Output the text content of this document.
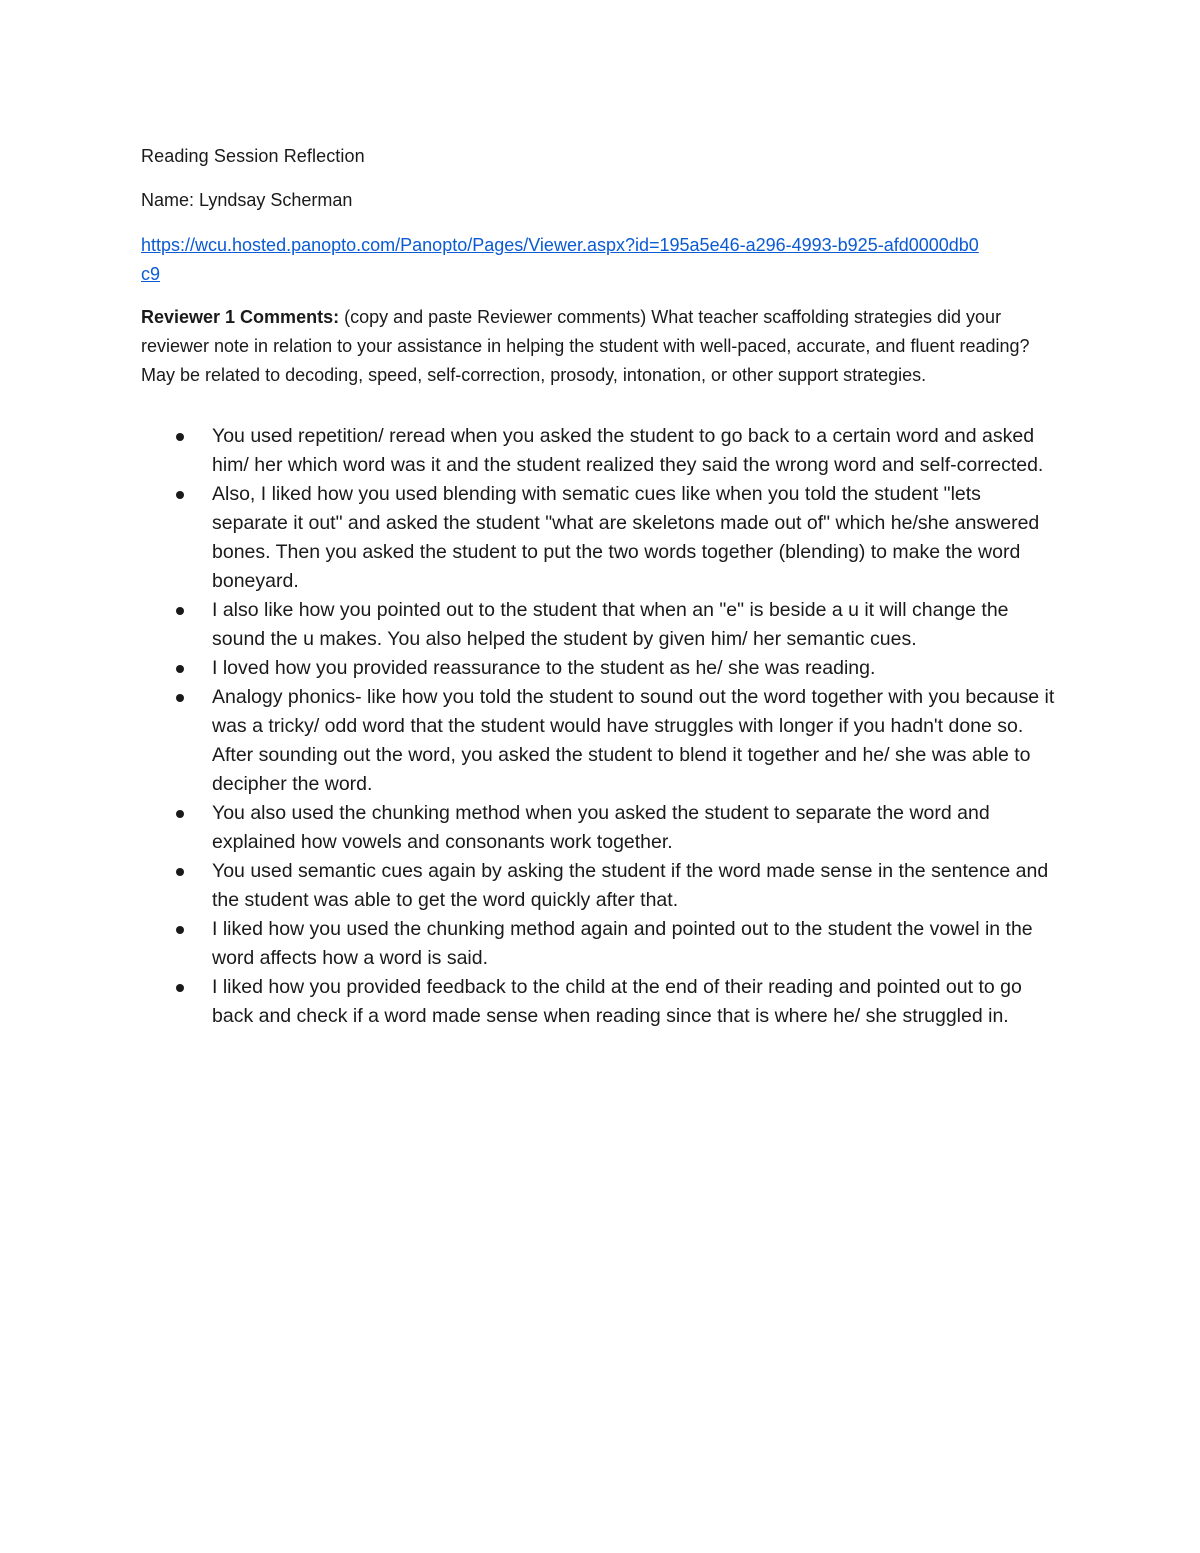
Reading Session Reflection
Name: Lyndsay Scherman
https://wcu.hosted.panopto.com/Panopto/Pages/Viewer.aspx?id=195a5e46-a296-4993-b925-afd0000db0c9
Reviewer 1 Comments: (copy and paste Reviewer comments) What teacher scaffolding strategies did your reviewer note in relation to your assistance in helping the student with well-paced, accurate, and fluent reading? May be related to decoding, speed, self-correction, prosody, intonation, or other support strategies.
You used repetition/ reread when you asked the student to go back to a certain word and asked him/ her which word was it and the student realized they said the wrong word and self-corrected.
Also, I liked how you used blending with sematic cues like when you told the student "lets separate it out" and asked the student "what are skeletons made out of" which he/she answered bones. Then you asked the student to put the two words together (blending) to make the word boneyard.
I also like how you pointed out to the student that when an "e" is beside a u it will change the sound the u makes. You also helped the student by given him/ her semantic cues.
I loved how you provided reassurance to the student as he/ she was reading.
Analogy phonics- like how you told the student to sound out the word together with you because it was a tricky/ odd word that the student would have struggles with longer if you hadn't done so. After sounding out the word, you asked the student to blend it together and he/ she was able to decipher the word.
You also used the chunking method when you asked the student to separate the word and explained how vowels and consonants work together.
You used semantic cues again by asking the student if the word made sense in the sentence and the student was able to get the word quickly after that.
I liked how you used the chunking method again and pointed out to the student the vowel in the word affects how a word is said.
I liked how you provided feedback to the child at the end of their reading and pointed out to go back and check if a word made sense when reading since that is where he/ she struggled in.
